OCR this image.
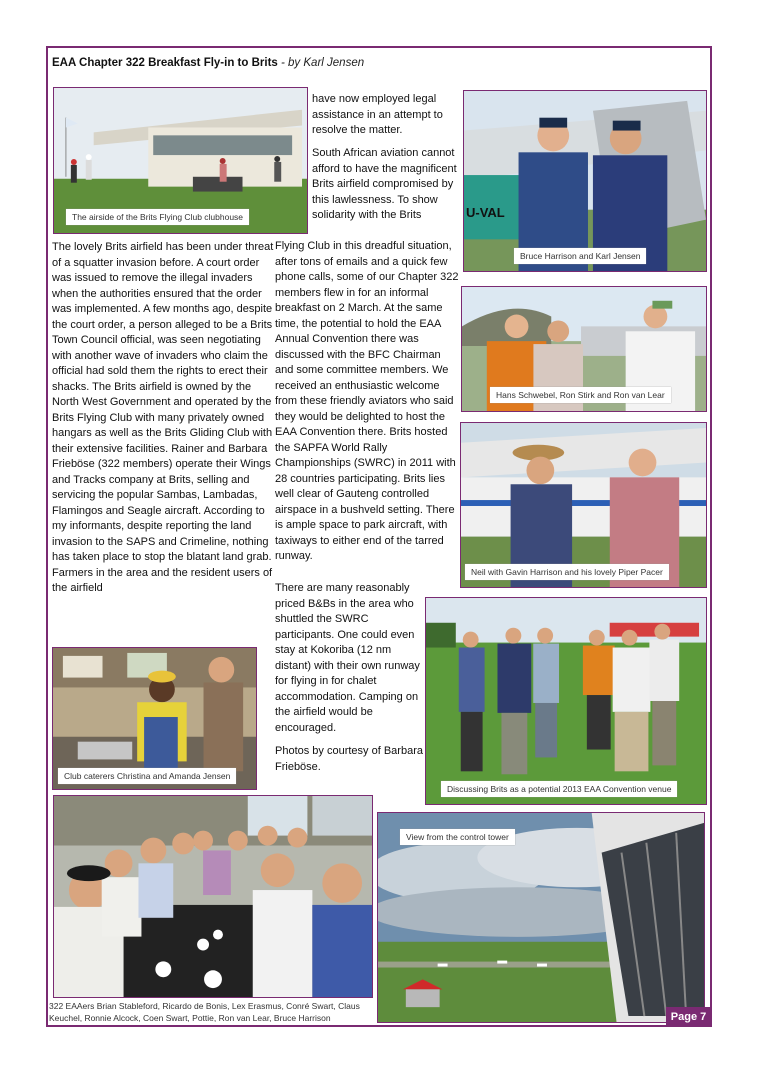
EAA Chapter 322 Breakfast Fly-in to Brits - by Karl Jensen
The airside of the Brits Flying Club clubhouse

have now employed legal assistance in an attempt to resolve the matter.

South African aviation cannot afford to have the magnificent Brits airfield compromised by this lawlessness. To show solidarity with the Brits

The lovely Brits airfield has been under threat of a squatter invasion before. A court order was issued to remove the illegal invaders when the authorities ensured that the order was implemented. A few months ago, despite the court order, a person alleged to be a Brits Town Council official, was seen negotiating with another wave of invaders who claim the official had sold them the rights to erect their shacks. The Brits airfield is owned by the North West Government and operated by the Brits Flying Club with many privately owned hangars as well as the Brits Gliding Club with their extensive facilities. Rainer and Barbara Frieböse (322 members) operate their Wings and Tracks company at Brits, selling and servicing the popular Sambas, Lambadas, Flamingos and Seagle aircraft. According to my informants, despite reporting the land invasion to the SAPS and Crimeline, nothing has taken place to stop the blatant land grab. Farmers in the area and the resident users of the airfield

Flying Club in this dreadful situation, after tons of emails and a quick few phone calls, some of our Chapter 322 members flew in for an informal breakfast on 2 March. At the same time, the potential to hold the EAA Annual Convention there was discussed with the BFC Chairman and some committee members. We received an enthusiastic welcome from these friendly aviators who said they would be delighted to host the EAA Convention there. Brits hosted the SAPFA World Rally Championships (SWRC) in 2011 with 28 countries participating. Brits lies well clear of Gauteng controlled airspace in a bushveld setting. There is ample space to park aircraft, with taxiways to either end of the tarred runway.

There are many reasonably priced B&Bs in the area who shuttled the SWRC participants. One could even stay at Kokoriba (12 nm distant) with their own runway for flying in for chalet accommodation. Camping on the airfield would be encouraged.

Photos by courtesy of Barbara Frieböse.

U-VAL
Bruce Harrison and Karl Jensen
Hans Schwebel, Ron Stirk and Ron van Lear
Neil with Gavin Harrison and his lovely Piper Pacer
Discussing Brits as a potential 2013 EAA Convention venue
Club caterers Christina and Amanda Jensen
View from the control tower
322 EAAers Brian Stableford, Ricardo de Bonis, Lex Erasmus, Conré Swart, Claus Keuchel, Ronnie Alcock, Coen Swart, Pottie, Ron van Lear, Bruce Harrison	Page 7
